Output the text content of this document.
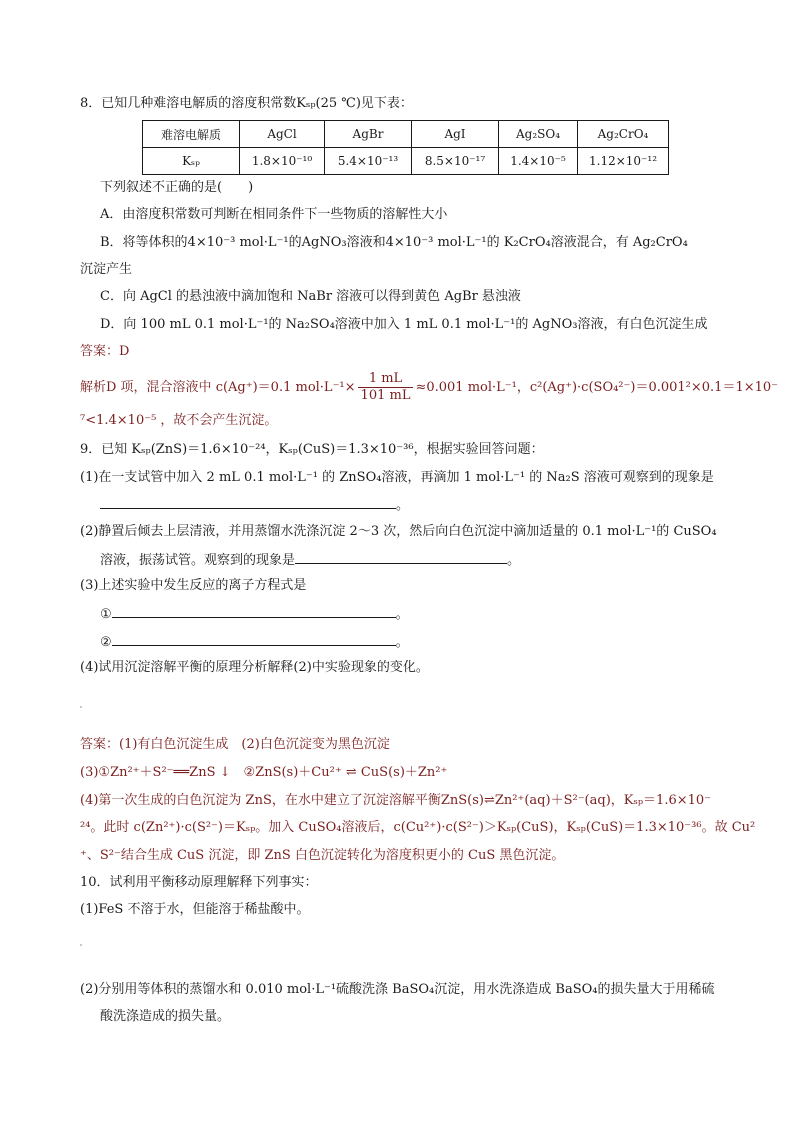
8．已知几种难溶电解质的溶度积常数Kₛₚ(25 ℃)见下表：
难溶电解质	AgCl	AgBr	AgI	Ag₂SO₄	Ag₂CrO₄
Kₛₚ	1.8×10⁻¹⁰	5.4×10⁻¹³	8.5×10⁻¹⁷	1.4×10⁻⁵	1.12×10⁻¹²
下列叙述不正确的是(　　)
A．由溶度积常数可判断在相同条件下一些物质的溶解性大小
B．将等体积的4×10⁻³ mol·L⁻¹的AgNO₃溶液和4×10⁻³ mol·L⁻¹的 K₂CrO₄溶液混合，有 Ag₂CrO₄
沉淀产生
C．向 AgCl 的悬浊液中滴加饱和 NaBr 溶液可以得到黄色 AgBr 悬浊液
D．向 100 mL 0.1 mol·L⁻¹的 Na₂SO₄溶液中加入 1 mL 0.1 mol·L⁻¹的 AgNO₃溶液，有白色沉淀生成
答案：D
解析D 项，混合溶液中 c(Ag⁺)＝0.1 $mol\cdot L^{-1}\times \frac{1 mL}{101 mL} \approx 0.001$ mol·L⁻¹，c²(Ag⁺)·c(SO₄²⁻)＝0.001²×0.1＝1×10⁻
⁷<1.4×10⁻⁵ ，故不会产生沉淀。
9．已知 Kₛₚ(ZnS)＝1.6×10⁻²⁴，Kₛₚ(CuS)＝1.3×10⁻³⁶，根据实验回答问题：
(1)在一支试管中加入 2 mL 0.1 mol·L⁻¹ 的 ZnSO₄溶液，再滴加 1 mol·L⁻¹ 的 Na₂S 溶液可观察到的现象是
。
(2)静置后倾去上层清液，并用蒸馏水洗涤沉淀 2～3 次，然后向白色沉淀中滴加适量的 0.1 mol·L⁻¹的 CuSO₄
溶液，振荡试管。观察到的现象是	。
(3)上述实验中发生反应的离子方程式是
①	。
②	。
(4)试用沉淀溶解平衡的原理分析解释(2)中实验现象的变化。
答案：(1)有白色沉淀生成　(2)白色沉淀变为黑色沉淀
(3)①Zn²⁺＋S²⁻══ZnS ↓　②ZnS(s)＋Cu²⁺ ⇌ CuS(s)＋Zn²⁺
(4)第一次生成的白色沉淀为 ZnS，在水中建立了沉淀溶解平衡ZnS(s)⇌Zn²⁺(aq)＋S²⁻(aq)，Kₛₚ＝1.6×10⁻
²⁴。此时 c(Zn²⁺)·c(S²⁻)＝Kₛₚ。加入 CuSO₄溶液后，c(Cu²⁺)·c(S²⁻)＞Kₛₚ(CuS)，Kₛₚ(CuS)＝1.3×10⁻³⁶。故 Cu²
⁺、S²⁻结合生成 CuS 沉淀，即 ZnS 白色沉淀转化为溶度积更小的 CuS 黑色沉淀。
10．试利用平衡移动原理解释下列事实：
(1)FeS 不溶于水，但能溶于稀盐酸中。
(2)分别用等体积的蒸馏水和 0.010 mol·L⁻¹硫酸洗涤 BaSO₄沉淀，用水洗涤造成 BaSO₄的损失量大于用稀硫
酸洗涤造成的损失量。
